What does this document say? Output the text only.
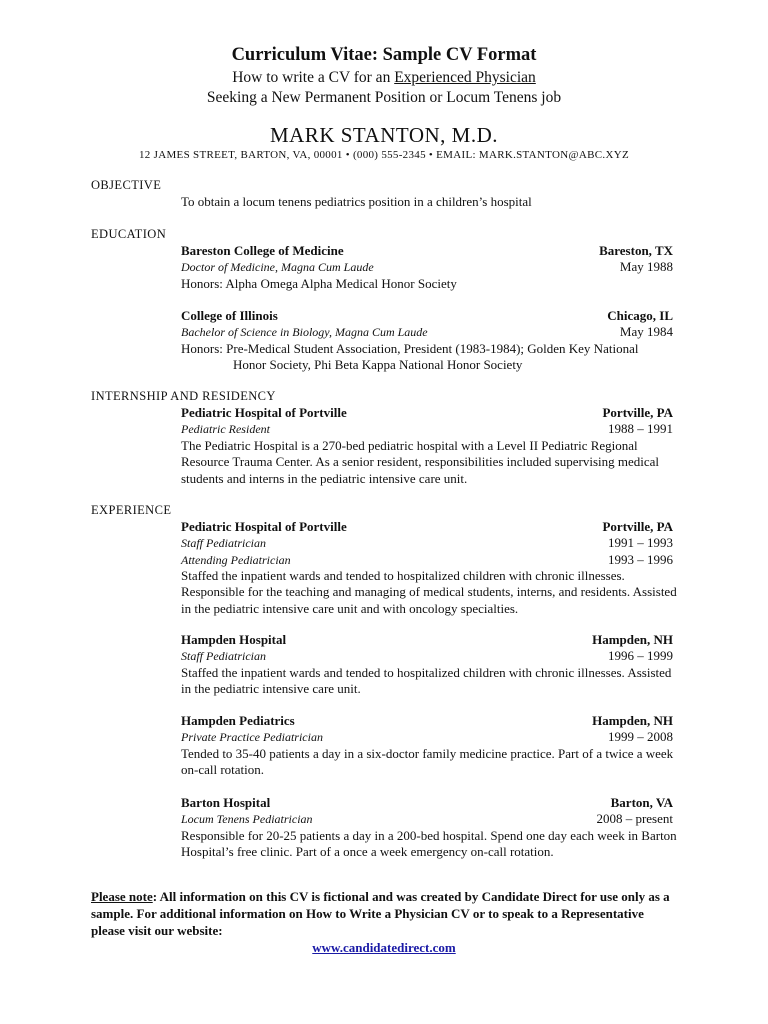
Curriculum Vitae: Sample CV Format
How to write a CV for an Experienced Physician
Seeking a New Permanent Position or Locum Tenens job
MARK STANTON, M.D.
12 JAMES STREET, BARTON, VA, 00001 • (000) 555-2345 • EMAIL: MARK.STANTON@ABC.XYZ
OBJECTIVE
To obtain a locum tenens pediatrics position in a children’s hospital
EDUCATION
Bareston College of Medicine	Bareston, TX
Doctor of Medicine, Magna Cum Laude	May 1988
Honors: Alpha Omega Alpha Medical Honor Society
College of Illinois	Chicago, IL
Bachelor of Science in Biology, Magna Cum Laude	May 1984
Honors: Pre-Medical Student Association, President (1983-1984); Golden Key National Honor Society, Phi Beta Kappa National Honor Society
INTERNSHIP AND RESIDENCY
Pediatric Hospital of Portville	Portville, PA
Pediatric Resident	1988 – 1991
The Pediatric Hospital is a 270-bed pediatric hospital with a Level II Pediatric Regional Resource Trauma Center. As a senior resident, responsibilities included supervising medical students and interns in the pediatric intensive care unit.
EXPERIENCE
Pediatric Hospital of Portville	Portville, PA
Staff Pediatrician	1991 – 1993
Attending Pediatrician	1993 – 1996
Staffed the inpatient wards and tended to hospitalized children with chronic illnesses. Responsible for the teaching and managing of medical students, interns, and residents. Assisted in the pediatric intensive care unit and with oncology specialties.
Hampden Hospital	Hampden, NH
Staff Pediatrician	1996 – 1999
Staffed the inpatient wards and tended to hospitalized children with chronic illnesses. Assisted in the pediatric intensive care unit.
Hampden Pediatrics	Hampden, NH
Private Practice Pediatrician	1999 – 2008
Tended to 35-40 patients a day in a six-doctor family medicine practice. Part of a twice a week on-call rotation.
Barton Hospital	Barton, VA
Locum Tenens Pediatrician	2008 – present
Responsible for 20-25 patients a day in a 200-bed hospital. Spend one day each week in Barton Hospital’s free clinic. Part of a once a week emergency on-call rotation.
Please note: All information on this CV is fictional and was created by Candidate Direct for use only as a sample. For additional information on How to Write a Physician CV or to speak to a Representative please visit our website:
www.candidatedirect.com
